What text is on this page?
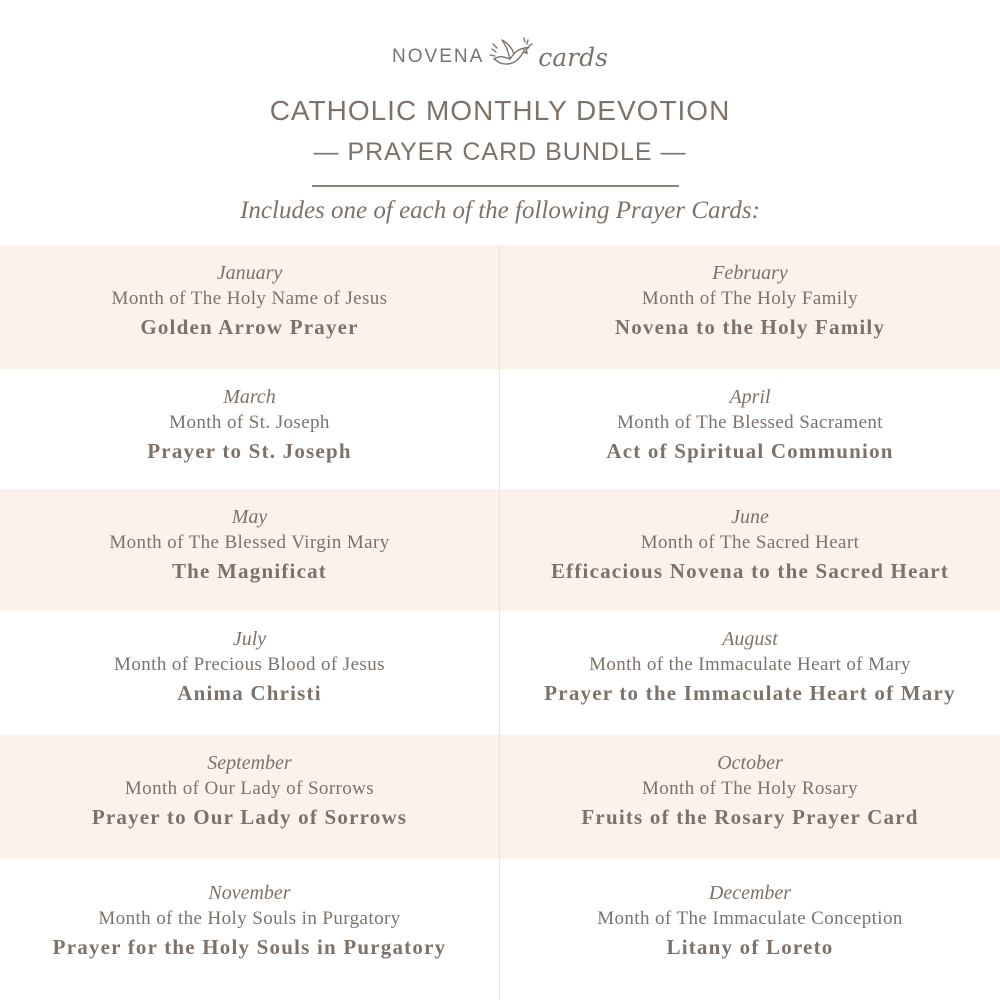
NOVENA cards
CATHOLIC MONTHLY DEVOTION
— PRAYER CARD BUNDLE —
Includes one of each of the following Prayer Cards:
January
Month of The Holy Name of Jesus
Golden Arrow Prayer
February
Month of The Holy Family
Novena to the Holy Family
March
Month of St. Joseph
Prayer to St. Joseph
April
Month of The Blessed Sacrament
Act of Spiritual Communion
May
Month of The Blessed Virgin Mary
The Magnificat
June
Month of The Sacred Heart
Efficacious Novena to the Sacred Heart
July
Month of Precious Blood of Jesus
Anima Christi
August
Month of the Immaculate Heart of Mary
Prayer to the Immaculate Heart of Mary
September
Month of Our Lady of Sorrows
Prayer to Our Lady of Sorrows
October
Month of The Holy Rosary
Fruits of the Rosary Prayer Card
November
Month of the Holy Souls in Purgatory
Prayer for the Holy Souls in Purgatory
December
Month of The Immaculate Conception
Litany of Loreto
